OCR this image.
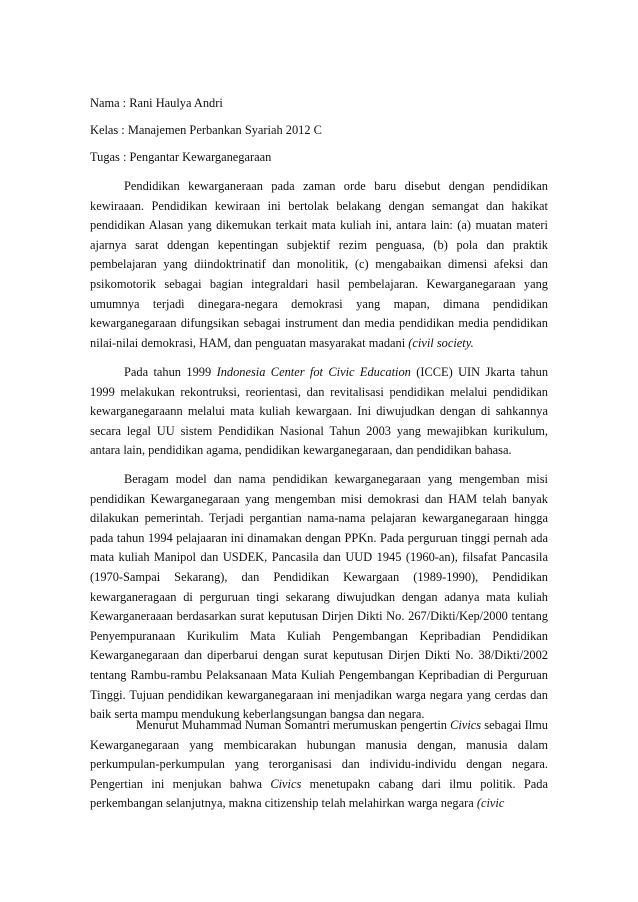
Nama : Rani Haulya Andri
Kelas : Manajemen Perbankan Syariah 2012 C
Tugas : Pengantar Kewarganegaraan

Pendidikan kewarganeraan pada zaman orde baru disebut dengan pendidikan kewiraaan. Pendidikan kewiraan ini bertolak belakang dengan semangat dan hakikat pendidikan Alasan yang dikemukan terkait mata kuliah ini, antara lain: (a) muatan materi ajarnya sarat ddengan kepentingan subjektif rezim penguasa, (b) pola dan praktik pembelajaran yang diindoktrinatif dan monolitik, (c) mengabaikan dimensi afeksi dan psikomotorik sebagai bagian integraldari hasil pembelajaran. Kewarganegaraan yang umumnya terjadi dinegara-negara demokrasi yang mapan, dimana pendidikan kewarganegaraan difungsikan sebagai instrument dan media pendidikan media pendidikan nilai-nilai demokrasi, HAM, dan penguatan masyarakat madani (civil society.

Pada tahun 1999 Indonesia Center fot Civic Education (ICCE) UIN Jkarta tahun 1999 melakukan rekontruksi, reorientasi, dan revitalisasi pendidikan melalui pendidikan kewarganegaraann melalui mata kuliah kewargaan. Ini diwujudkan dengan di sahkannya secara legal UU sistem Pendidikan Nasional Tahun 2003 yang mewajibkan kurikulum, antara lain, pendidikan agama, pendidikan kewarganegaraan, dan pendidikan bahasa.

Beragam model dan nama pendidikan kewarganegaraan yang mengemban misi pendidikan Kewarganegaraan yang mengemban misi demokrasi dan HAM telah banyak dilakukan pemerintah. Terjadi pergantian nama-nama pelajaran kewarganegaraan hingga pada tahun 1994 pelajaaran ini dinamakan dengan PPKn. Pada perguruan tinggi pernah ada mata kuliah Manipol dan USDEK, Pancasila dan UUD 1945 (1960-an), filsafat Pancasila (1970-Sampai Sekarang), dan Pendidikan Kewargaan (1989-1990), Pendidikan kewarganeragaan di perguruan tingi sekarang diwujudkan dengan adanya mata kuliah Kewarganeraaan berdasarkan surat keputusan Dirjen Dikti No. 267/Dikti/Kep/2000 tentang Penyempuranaan Kurikulim Mata Kuliah Pengembangan Kepribadian Pendidikan Kewarganegaraan dan diperbarui dengan surat keputusan Dirjen Dikti No. 38/Dikti/2002 tentang Rambu-rambu Pelaksanaan Mata Kuliah Pengembangan Kepribadian di Perguruan Tinggi. Tujuan pendidikan kewarganegaraan ini menjadikan warga negara yang cerdas dan baik serta mampu mendukung keberlangsungan bangsa dan negara.

Menurut Muhammad Numan Somantri merumuskan pengertin Civics sebagai Ilmu Kewarganegaraan yang membicarakan hubungan manusia dengan, manusia dalam perkumpulan-perkumpulan yang terorganisasi dan individu-individu dengan negara. Pengertian ini menjukan bahwa Civics menetupakn cabang dari ilmu politik. Pada perkembangan selanjutnya, makna citizenship telah melahirkan warga negara (civic
